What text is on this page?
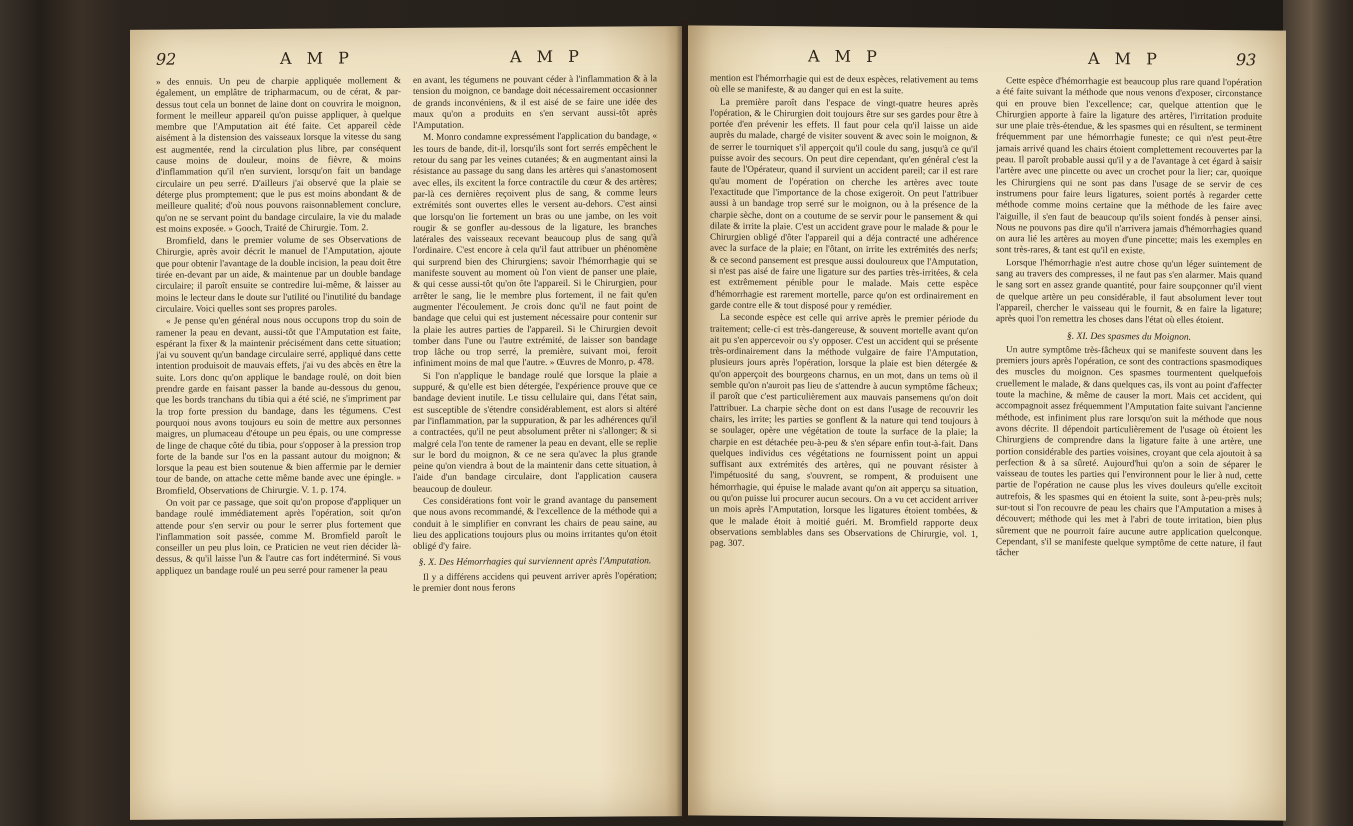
92	A M P	A M P

» des ennuis. Un peu de charpie appliquée mollement & également, un emplâtre de tripharmacum, ou de cérat, & par-dessus tout cela un bonnet de laine dont on couvrira le moignon, forment le meilleur appareil qu'on puisse appliquer, à quelque membre que l'Amputation ait été faite. Cet appareil cède aisément à la distension des vaisseaux lorsque la vitesse du sang est augmentée, rend la circulation plus libre, par conséquent cause moins de douleur, moins de fièvre, & moins d'inflammation qu'il n'en survient, lorsqu'on fait un bandage circulaire un peu serré. D'ailleurs j'ai observé que la plaie se déterge plus promptement; que le pus est moins abondant & de meilleure qualité; d'où nous pouvons raisonnablement conclure, qu'on ne se servant point du bandage circulaire, la vie du malade est moins exposée. » Gooch, Traité de Chirurgie. Tom. 2.

Bromfield, dans le premier volume de ses Observations de Chirurgie, après avoir décrit le manuel de l'Amputation, ajoute que pour obtenir l'avantage de la double incision, la peau doit être tirée en-devant par un aide, & maintenue par un double bandage circulaire; il paroît ensuite se contredire lui-même, & laisser au moins le lecteur dans le doute sur l'utilité ou l'inutilité du bandage circulaire. Voici quelles sont ses propres paroles.

« Je pense qu'en général nous nous occupons trop du soin de ramener la peau en devant, aussi-tôt que l'Amputation est faite, espérant la fixer & la maintenir précisément dans cette situation; j'ai vu souvent qu'un bandage circulaire serré, appliqué dans cette intention produisoit de mauvais effets, j'ai vu des abcès en être la suite. Lors donc qu'on applique le bandage roulé, on doit bien prendre garde en faisant passer la bande au-dessous du genou, que les bords tranchans du tibia qui a été scié, ne s'impriment par la trop forte pression du bandage, dans les tégumens. C'est pourquoi nous avons toujours eu soin de mettre aux personnes maigres, un plumaceau d'étoupe un peu épais, ou une compresse de linge de chaque côté du tibia, pour s'opposer à la pression trop forte de la bande sur l'os en la passant autour du moignon; & lorsque la peau est bien soutenue & bien affermie par le dernier tour de bande, on attache cette même bande avec une épingle. » Bromfield, Observations de Chirurgie. V. 1. p. 174.

On voit par ce passage, que soit qu'on propose d'appliquer un bandage roulé immédiatement après l'opération, soit qu'on attende pour s'en servir ou pour le serrer plus fortement que l'inflammation soit passée, comme M. Bromfield paroît le conseiller un peu plus loin, ce Praticien ne veut rien décider là-dessus, & qu'il laisse l'un & l'autre cas fort indéterminé. Si vous appliquez un bandage roulé un peu serré pour ramener la peau

en avant, les tégumens ne pouvant céder à l'inflammation & à la tension du moignon, ce bandage doit nécessairement occasionner de grands inconvéniens, & il est aisé de se faire une idée des maux qu'on a produits en s'en servant aussi-tôt après l'Amputation.

M. Monro condamne expressément l'application du bandage, « les tours de bande, dit-il, lorsqu'ils sont fort serrés empêchent le retour du sang par les veines cutanées; & en augmentant ainsi la résistance au passage du sang dans les artères qui s'anastomosent avec elles, ils excitent la force contractile du cœur & des artères; par-là ces dernières reçoivent plus de sang, & comme leurs extrémités sont ouvertes elles le versent au-dehors. C'est ainsi que lorsqu'on lie fortement un bras ou une jambe, on les voit rougir & se gonfler au-dessous de la ligature, les branches latérales des vaisseaux recevant beaucoup plus de sang qu'à l'ordinaire. C'est encore à cela qu'il faut attribuer un phénomène qui surprend bien des Chirurgiens; savoir l'hémorrhagie qui se manifeste souvent au moment où l'on vient de panser une plaie, & qui cesse aussi-tôt qu'on ôte l'appareil. Si le Chirurgien, pour arrêter le sang, lie le membre plus fortement, il ne fait qu'en augmenter l'écoulement. Je crois donc qu'il ne faut point de bandage que celui qui est justement nécessaire pour contenir sur la plaie les autres parties de l'appareil. Si le Chirurgien devoit tomber dans l'une ou l'autre extrémité, de laisser son bandage trop lâche ou trop serré, la première, suivant moi, feroit infiniment moins de mal que l'autre. » Œuvres de Monro, p. 478.

Si l'on n'applique le bandage roulé que lorsque la plaie a suppuré, & qu'elle est bien détergée, l'expérience prouve que ce bandage devient inutile. Le tissu cellulaire qui, dans l'état sain, est susceptible de s'étendre considérablement, est alors si altéré par l'inflammation, par la suppuration, & par les adhérences qu'il a contractées, qu'il ne peut absolument prêter ni s'allonger; & si malgré cela l'on tente de ramener la peau en devant, elle se replie sur le bord du moignon, & ce ne sera qu'avec la plus grande peine qu'on viendra à bout de la maintenir dans cette situation, à l'aide d'un bandage circulaire, dont l'application causera beaucoup de douleur.

Ces considérations font voir le grand avantage du pansement que nous avons recommandé, & l'excellence de la méthode qui a conduit à le simplifier en convrant les chairs de peau saine, au lieu des applications toujours plus ou moins irritantes qu'on étoit obligé d'y faire.

§. X. Des Hémorrhagies qui surviennent après l'Amputation.

Il y a différens accidens qui peuvent arriver après l'opération; le premier dont nous ferons

A M P	A M P	93

mention est l'hémorrhagie qui est de deux espèces, relativement au tems où elle se manifeste, & au danger qui en est la suite.

La première paroît dans l'espace de vingt-quatre heures après l'opération, & le Chirurgien doit toujours être sur ses gardes pour être à portée d'en prévenir les effets. Il faut pour cela qu'il laisse un aide auprès du malade, chargé de visiter souvent & avec soin le moignon, & de serrer le tourniquet s'il apperçoit qu'il coule du sang, jusqu'à ce qu'il puisse avoir des secours. On peut dire cependant, qu'en général c'est la faute de l'Opérateur, quand il survient un accident pareil; car il est rare qu'au moment de l'opération on cherche les artères avec toute l'exactitude que l'importance de la chose exigeroit. On peut l'attribuer aussi à un bandage trop serré sur le moignon, ou à la présence de la charpie sèche, dont on a coutume de se servir pour le pansement & qui dilate & irrite la plaie. C'est un accident grave pour le malade & pour le Chirurgien obligé d'ôter l'appareil qui a déja contracté une adhérence avec la surface de la plaie; en l'ôtant, on irrite les extrémités des nerfs; & ce second pansement est presque aussi douloureux que l'Amputation, si n'est pas aisé de faire une ligature sur des parties très-irritées, & cela est extrêmement pénible pour le malade. Mais cette espèce d'hémorrhagie est rarement mortelle, parce qu'on est ordinairement en garde contre elle & tout disposé pour y remédier.

La seconde espèce est celle qui arrive après le premier période du traitement; celle-ci est très-dangereuse, & souvent mortelle avant qu'on ait pu s'en appercevoir ou s'y opposer. C'est un accident qui se présente très-ordinairement dans la méthode vulgaire de faire l'Amputation, plusieurs jours après l'opération, lorsque la plaie est bien détergée & qu'on apperçoit des bourgeons charnus, en un mot, dans un tems où il semble qu'on n'auroit pas lieu de s'attendre à aucun symptôme fâcheux; il paroît que c'est particulièrement aux mauvais pansemens qu'on doit l'attribuer. La charpie sèche dont on est dans l'usage de recouvrir les chairs, les irrite; les parties se gonflent & la nature qui tend toujours à se soulager, opère une végétation de toute la surface de la plaie; la charpie en est détachée peu-à-peu & s'en sépare enfin tout-à-fait. Dans quelques individus ces végétations ne fournissent point un appui suffisant aux extrémités des artères, qui ne pouvant résister à l'impétuosité du sang, s'ouvrent, se rompent, & produisent une hémorrhagie, qui épuise le malade avant qu'on ait apperçu sa situation, ou qu'on puisse lui procurer aucun secours. On a vu cet accident arriver un mois après l'Amputation, lorsque les ligatures étoient tombées, & que le malade étoit à moitié guéri. M. Bromfield rapporte deux observations semblables dans ses Observations de Chirurgie, vol. 1, pag. 307.

Cette espèce d'hémorrhagie est beaucoup plus rare quand l'opération a été faite suivant la méthode que nous venons d'exposer, circonstance qui en prouve bien l'excellence; car, quelque attention que le Chirurgien apporte à faire la ligature des artères, l'irritation produite sur une plaie très-étendue, & les spasmes qui en résultent, se terminent fréquemment par une hémorrhagie funeste; ce qui n'est peut-être jamais arrivé quand les chairs étoient complettement recouvertes par la peau. Il paroît probable aussi qu'il y a de l'avantage à cet égard à saisir l'artère avec une pincette ou avec un crochet pour la lier; car, quoique les Chirurgiens qui ne sont pas dans l'usage de se servir de ces instrumens pour faire leurs ligatures, soient portés à regarder cette méthode comme moins certaine que la méthode de les faire avec l'aiguille, il s'en faut de beaucoup qu'ils soient fondés à penser ainsi. Nous ne pouvons pas dire qu'il n'arrivera jamais d'hémorrhagies quand on aura lié les artères au moyen d'une pincette; mais les exemples en sont très-rares, & tant est qu'il en existe.

Lorsque l'hémorrhagie n'est autre chose qu'un léger suintement de sang au travers des compresses, il ne faut pas s'en alarmer. Mais quand le sang sort en assez grande quantité, pour faire soupçonner qu'il vient de quelque artère un peu considérable, il faut absolument lever tout l'appareil, chercher le vaisseau qui le fournit, & en faire la ligature; après quoi l'on remettra les choses dans l'état où elles étoient.

§. XI. Des spasmes du Moignon.

Un autre symptôme très-fâcheux qui se manifeste souvent dans les premiers jours après l'opération, ce sont des contractions spasmodiques des muscles du moignon. Ces spasmes tourmentent quelquefois cruellement le malade, & dans quelques cas, ils vont au point d'affecter toute la machine, & même de causer la mort. Mais cet accident, qui accompagnoit assez fréquemment l'Amputation faite suivant l'ancienne méthode, est infiniment plus rare lorsqu'on suit la méthode que nous avons décrite. Il dépendoit particulièrement de l'usage où étoient les Chirurgiens de comprendre dans la ligature faite à une artère, une portion considérable des parties voisines, croyant que cela ajoutoit à sa perfection & à sa sûreté. Aujourd'hui qu'on a soin de séparer le vaisseau de toutes les parties qui l'environnent pour le lier à nud, cette partie de l'opération ne cause plus les vives douleurs qu'elle excitoit autrefois, & les spasmes qui en étoient la suite, sont à-peu-près nuls; sur-tout si l'on recouvre de peau les chairs que l'Amputation a mises à découvert; méthode qui les met à l'abri de toute irritation, bien plus sûrement que ne pourroit faire aucune autre application quelconque. Cependant, s'il se manifeste quelque symptôme de cette nature, il faut tâcher
